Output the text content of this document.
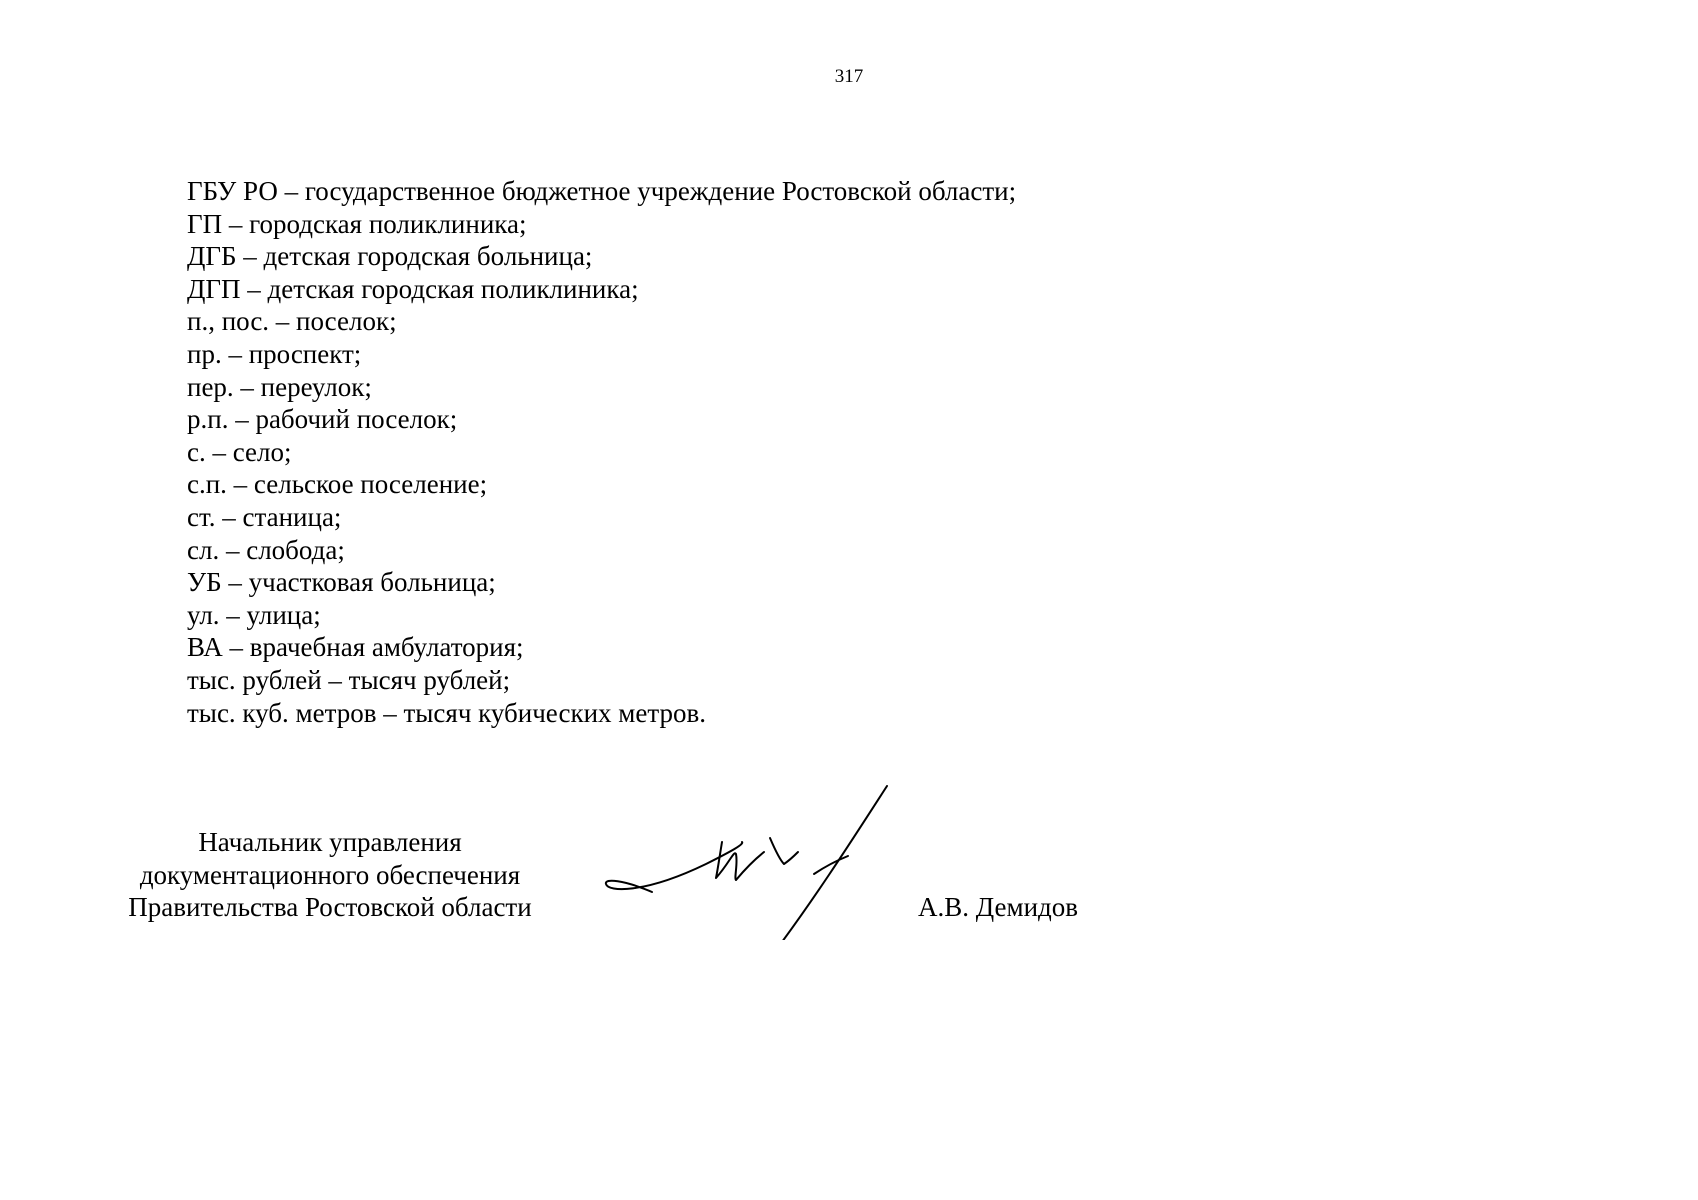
317
ГБУ РО – государственное бюджетное учреждение Ростовской области;
ГП – городская поликлиника;
ДГБ – детская городская больница;
ДГП – детская городская поликлиника;
п., пос. – поселок;
пр. – проспект;
пер. – переулок;
р.п. – рабочий поселок;
с. – село;
с.п. – сельское поселение;
ст. – станица;
сл. – слобода;
УБ – участковая больница;
ул. – улица;
ВА – врачебная амбулатория;
тыс. рублей – тысяч рублей;
тыс. куб. метров – тысяч кубических метров.
Начальник управления
документационного обеспечения
Правительства Ростовской области	А.В. Демидов
